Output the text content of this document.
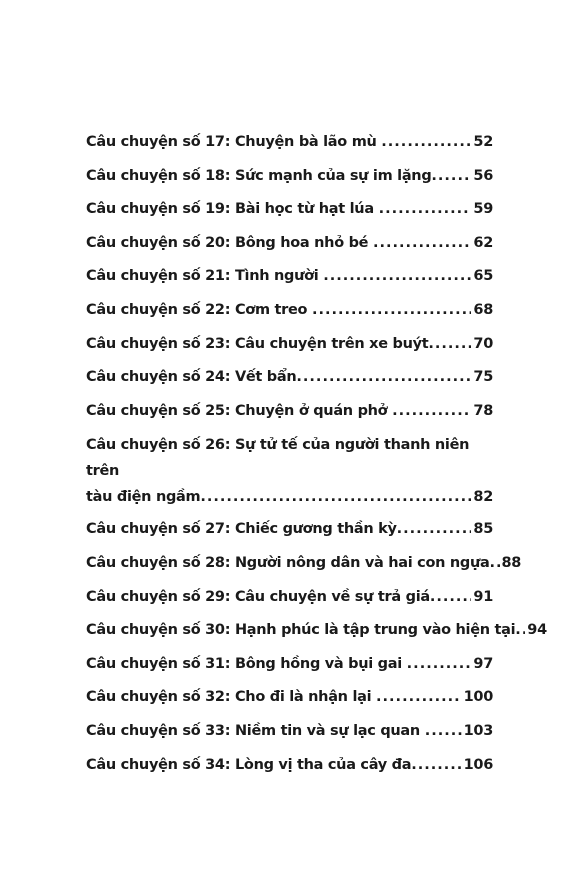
Câu chuyện số 17: Chuyện bà lão mù .....	52
Câu chuyện số 18: Sức mạnh của sự im lặng .....	56
Câu chuyện số 19: Bài học từ hạt lúa .....	59
Câu chuyện số 20: Bông hoa nhỏ bé .....	62
Câu chuyện số 21: Tình người .....	65
Câu chuyện số 22: Cơm treo .....	68
Câu chuyện số 23: Câu chuyện trên xe buýt .....	70
Câu chuyện số 24: Vết bẩn .....	75
Câu chuyện số 25: Chuyện ở quán phở .....	78
Câu chuyện số 26: Sự tử tế của người thanh niên trên
tàu điện ngầm .....	82
Câu chuyện số 27: Chiếc gương thần kỳ .....	85
Câu chuyện số 28: Người nông dân và hai con ngựa ..... 88
Câu chuyện số 29: Câu chuyện về sự trả giá .....	91
Câu chuyện số 30: Hạnh phúc là tập trung vào hiện tại ..... 94
Câu chuyện số 31: Bông hồng và bụi gai .....	97
Câu chuyện số 32: Cho đi là nhận lại .....	100
Câu chuyện số 33: Niềm tin và sự lạc quan .....	103
Câu chuyện số 34: Lòng vị tha của cây đa .....	106
